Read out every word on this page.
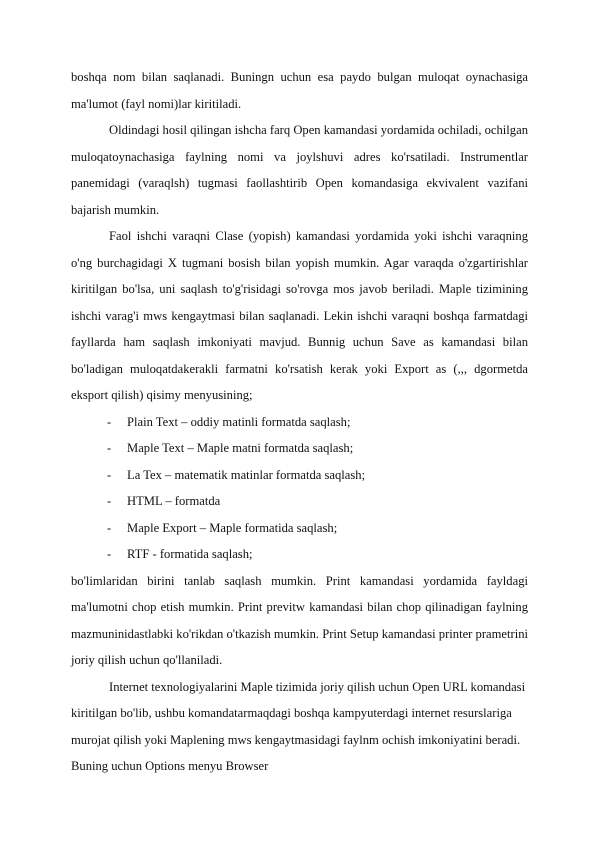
boshqa nom bilan saqlanadi. Buningn uchun esa paydo bulgan muloqat oynachasiga ma'lumot (fayl nomi)lar kiritiladi.

Oldindagi hosil qilingan ishcha farq Open kamandasi yordamida ochiladi, ochilgan muloqatoynachasiga faylning nomi va joylshuvi adres ko'rsatiladi. Instrumentlar panemidagi (varaqlsh) tugmasi faollashtirib Open komandasiga ekvivalent vazifani bajarish mumkin.

Faol ishchi varaqni Clase (yopish) kamandasi yordamida yoki ishchi varaqning o'ng burchagidagi X tugmani bosish bilan yopish mumkin. Agar varaqda o'zgartirishlar kiritilgan bo'lsa, uni saqlash to'g'risidagi so'rovga mos javob beriladi. Maple tizimining ishchi varag'i mws kengaytmasi bilan saqlanadi. Lekin ishchi varaqni boshqa farmatdagi fayllarda ham saqlash imkoniyati mavjud. Bunnig uchun Save as kamandasi bilan bo'ladigan muloqatdakerakli farmatni ko'rsatish kerak yoki Export as (,,, dgormetda eksport qilish) qisimy menyusining;

- Plain Text – oddiy matinli formatda saqlash;
- Maple Text – Maple matni formatda saqlash;
- La Tex – matematik matinlar formatda saqlash;
- HTML – formatda
- Maple Export – Maple formatida saqlash;
- RTF - formatida saqlash;

bo'limlaridan birini tanlab saqlash mumkin. Print kamandasi yordamida fayldagi ma'lumotni chop etish mumkin. Print previtw kamandasi bilan chop qilinadigan faylning mazmuninidastlabki ko'rikdan o'tkazish mumkin. Print Setup kamandasi printer prametrini joriy qilish uchun qo'llaniladi.

Internet texnologiyalarini Maple tizimida joriy qilish uchun Open URL komandasi kiritilgan bo'lib, ushbu komandatarmaqdagi boshqa kampyuterdagi internet resurslariga murojat qilish yoki Maplening mws kengaytmasidagi faylnm ochish imkoniyatini beradi. Buning uchun Options menyu Browser
